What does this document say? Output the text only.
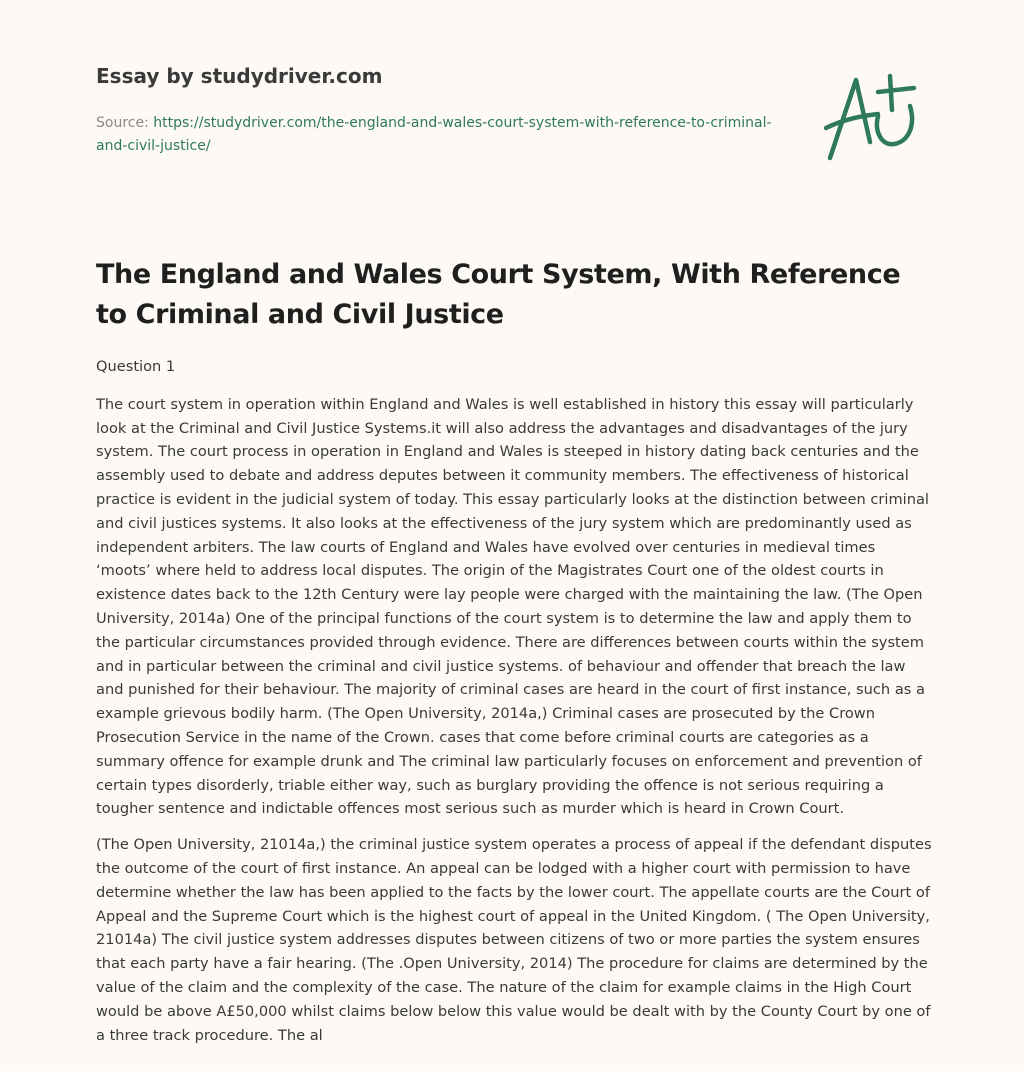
Essay by studydriver.com
Source: https://studydriver.com/the-england-and-wales-court-system-with-reference-to-criminal-and-civil-justice/
The England and Wales Court System, With Reference to Criminal and Civil Justice

Question 1

The court system in operation within England and Wales is well established in history this essay will particularly look at the Criminal and Civil Justice Systems.it will also address the advantages and disadvantages of the jury system. The court process in operation in England and Wales is steeped in history dating back centuries and the assembly used to debate and address deputes between it community members. The effectiveness of historical practice is evident in the judicial system of today. This essay particularly looks at the distinction between criminal and civil justices systems. It also looks at the effectiveness of the jury system which are predominantly used as independent arbiters. The law courts of England and Wales have evolved over centuries in medieval times ‘moots’ where held to address local disputes. The origin of the Magistrates Court one of the oldest courts in existence dates back to the 12th Century were lay people were charged with the maintaining the law. (The Open University, 2014a) One of the principal functions of the court system is to determine the law and apply them to the particular circumstances provided through evidence. There are differences between courts within the system and in particular between the criminal and civil justice systems. of behaviour and offender that breach the law and punished for their behaviour. The majority of criminal cases are heard in the court of first instance, such as a example grievous bodily harm. (The Open University, 2014a,) Criminal cases are prosecuted by the Crown Prosecution Service in the name of the Crown. cases that come before criminal courts are categories as a summary offence for example drunk and The criminal law particularly focuses on enforcement and prevention of certain types disorderly, triable either way, such as burglary providing the offence is not serious requiring a tougher sentence and indictable offences most serious such as murder which is heard in Crown Court.

(The Open University, 21014a,) the criminal justice system operates a process of appeal if the defendant disputes the outcome of the court of first instance. An appeal can be lodged with a higher court with permission to have determine whether the law has been applied to the facts by the lower court. The appellate courts are the Court of Appeal and the Supreme Court which is the highest court of appeal in the United Kingdom. ( The Open University, 21014a) The civil justice system addresses disputes between citizens of two or more parties the system ensures that each party have a fair hearing. (The .Open University, 2014) The procedure for claims are determined by the value of the claim and the complexity of the case. The nature of the claim for example claims in the High Court would be above A£50,000 whilst claims below below this value would be dealt with by the County Court by one of a three track procedure. The al
